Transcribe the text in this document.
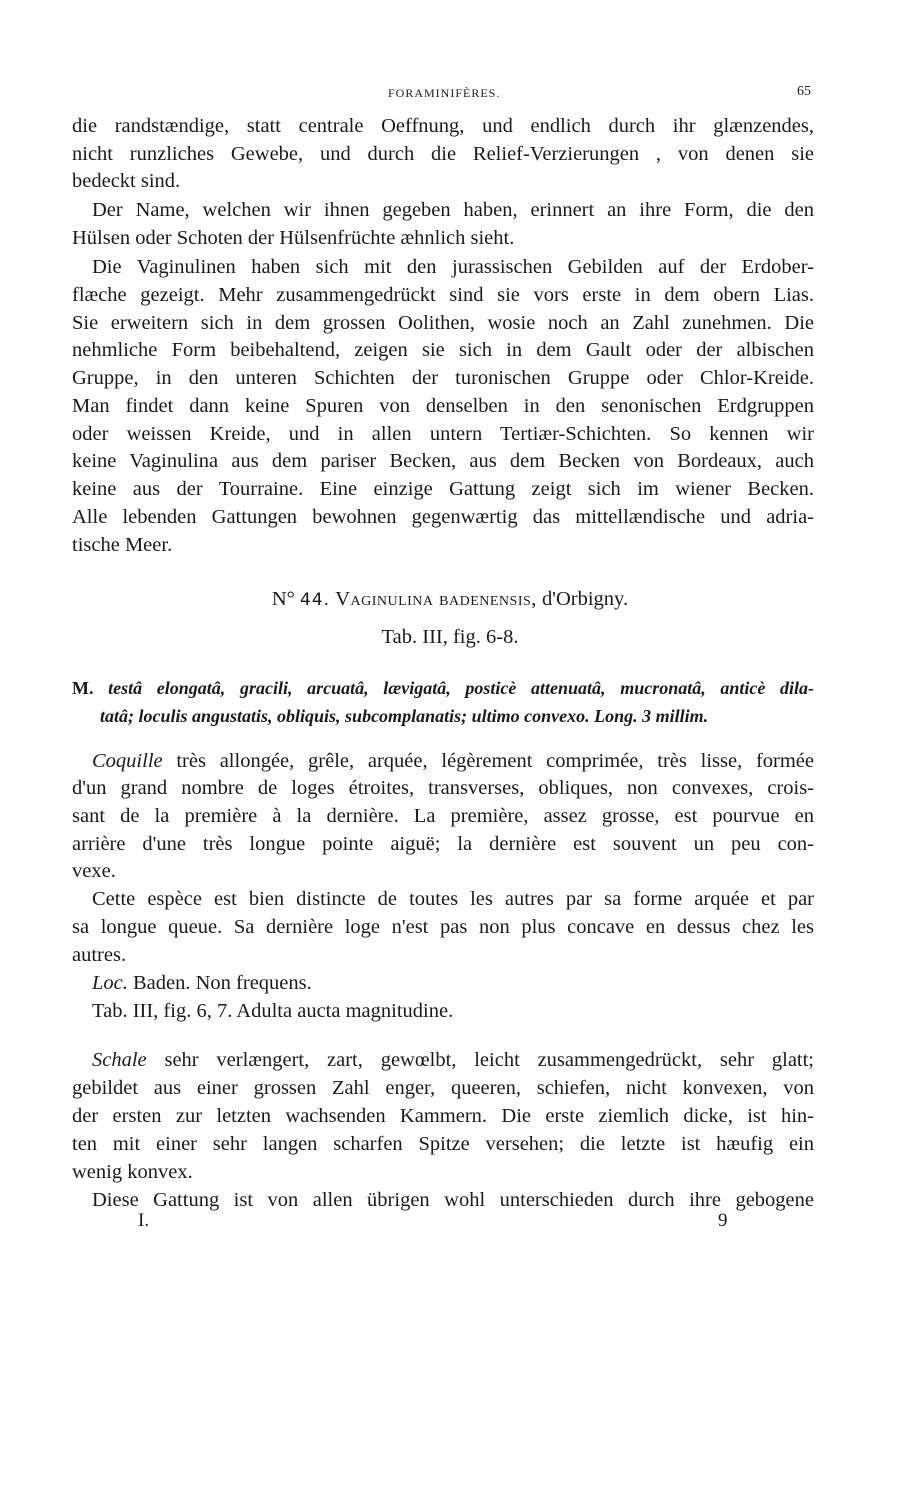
FORAMINIFÈRES.	65
die randstændige, statt centrale Oeffnung, und endlich durch ihr glænzendes,
nicht runzliches Gewebe, und durch die Relief-Verzierungen , von denen sie
bedeckt sind.
Der Name, welchen wir ihnen gegeben haben, erinnert an ihre Form, die den
Hülsen oder Schoten der Hülsenfrüchte æhnlich sieht.
Die Vaginulinen haben sich mit den jurassischen Gebilden auf der Erdober-
flæche gezeigt. Mehr zusammengedrückt sind sie vors erste in dem obern Lias.
Sie erweitern sich in dem grossen Oolithen, wosie noch an Zahl zunehmen. Die
nehmliche Form beibehaltend, zeigen sie sich in dem Gault oder der albischen
Gruppe, in den unteren Schichten der turonischen Gruppe oder Chlor-Kreide.
Man findet dann keine Spuren von denselben in den senonischen Erdgruppen
oder weissen Kreide, und in allen untern Tertiær-Schichten. So kennen wir
keine Vaginulina aus dem pariser Becken, aus dem Becken von Bordeaux, auch
keine aus der Tourraine. Eine einzige Gattung zeigt sich im wiener Becken.
Alle lebenden Gattungen bewohnen gegenwærtig das mittellændische und adria-
tische Meer.
N° 44. Vaginulina badenensis, d'Orbigny.
Tab. III, fig. 6-8.
M. testâ elongatâ, gracili, arcuatâ, lævigatâ, posticè attenuatâ, mucronatâ, anticè dila-
tatâ; loculis angustatis, obliquis, subcomplanatis; ultimo convexo. Long. 3 millim.
Coquille très allongée, grêle, arquée, légèrement comprimée, très lisse, formée
d'un grand nombre de loges étroites, transverses, obliques, non convexes, crois-
sant de la première à la dernière. La première, assez grosse, est pourvue en
arrière d'une très longue pointe aiguë; la dernière est souvent un peu con-
vexe.
Cette espèce est bien distincte de toutes les autres par sa forme arquée et par
sa longue queue. Sa dernière loge n'est pas non plus concave en dessus chez les
autres.
Loc. Baden. Non frequens.
Tab. III, fig. 6, 7. Adulta aucta magnitudine.
Schale sehr verlængert, zart, gewœlbt, leicht zusammengedrückt, sehr glatt;
gebildet aus einer grossen Zahl enger, queeren, schiefen, nicht konvexen, von
der ersten zur letzten wachsenden Kammern. Die erste ziemlich dicke, ist hin-
ten mit einer sehr langen scharfen Spitze versehen; die letzte ist hæufig ein
wenig konvex.
Diese Gattung ist von allen übrigen wohl unterschieden durch ihre gebogene
I.	9
